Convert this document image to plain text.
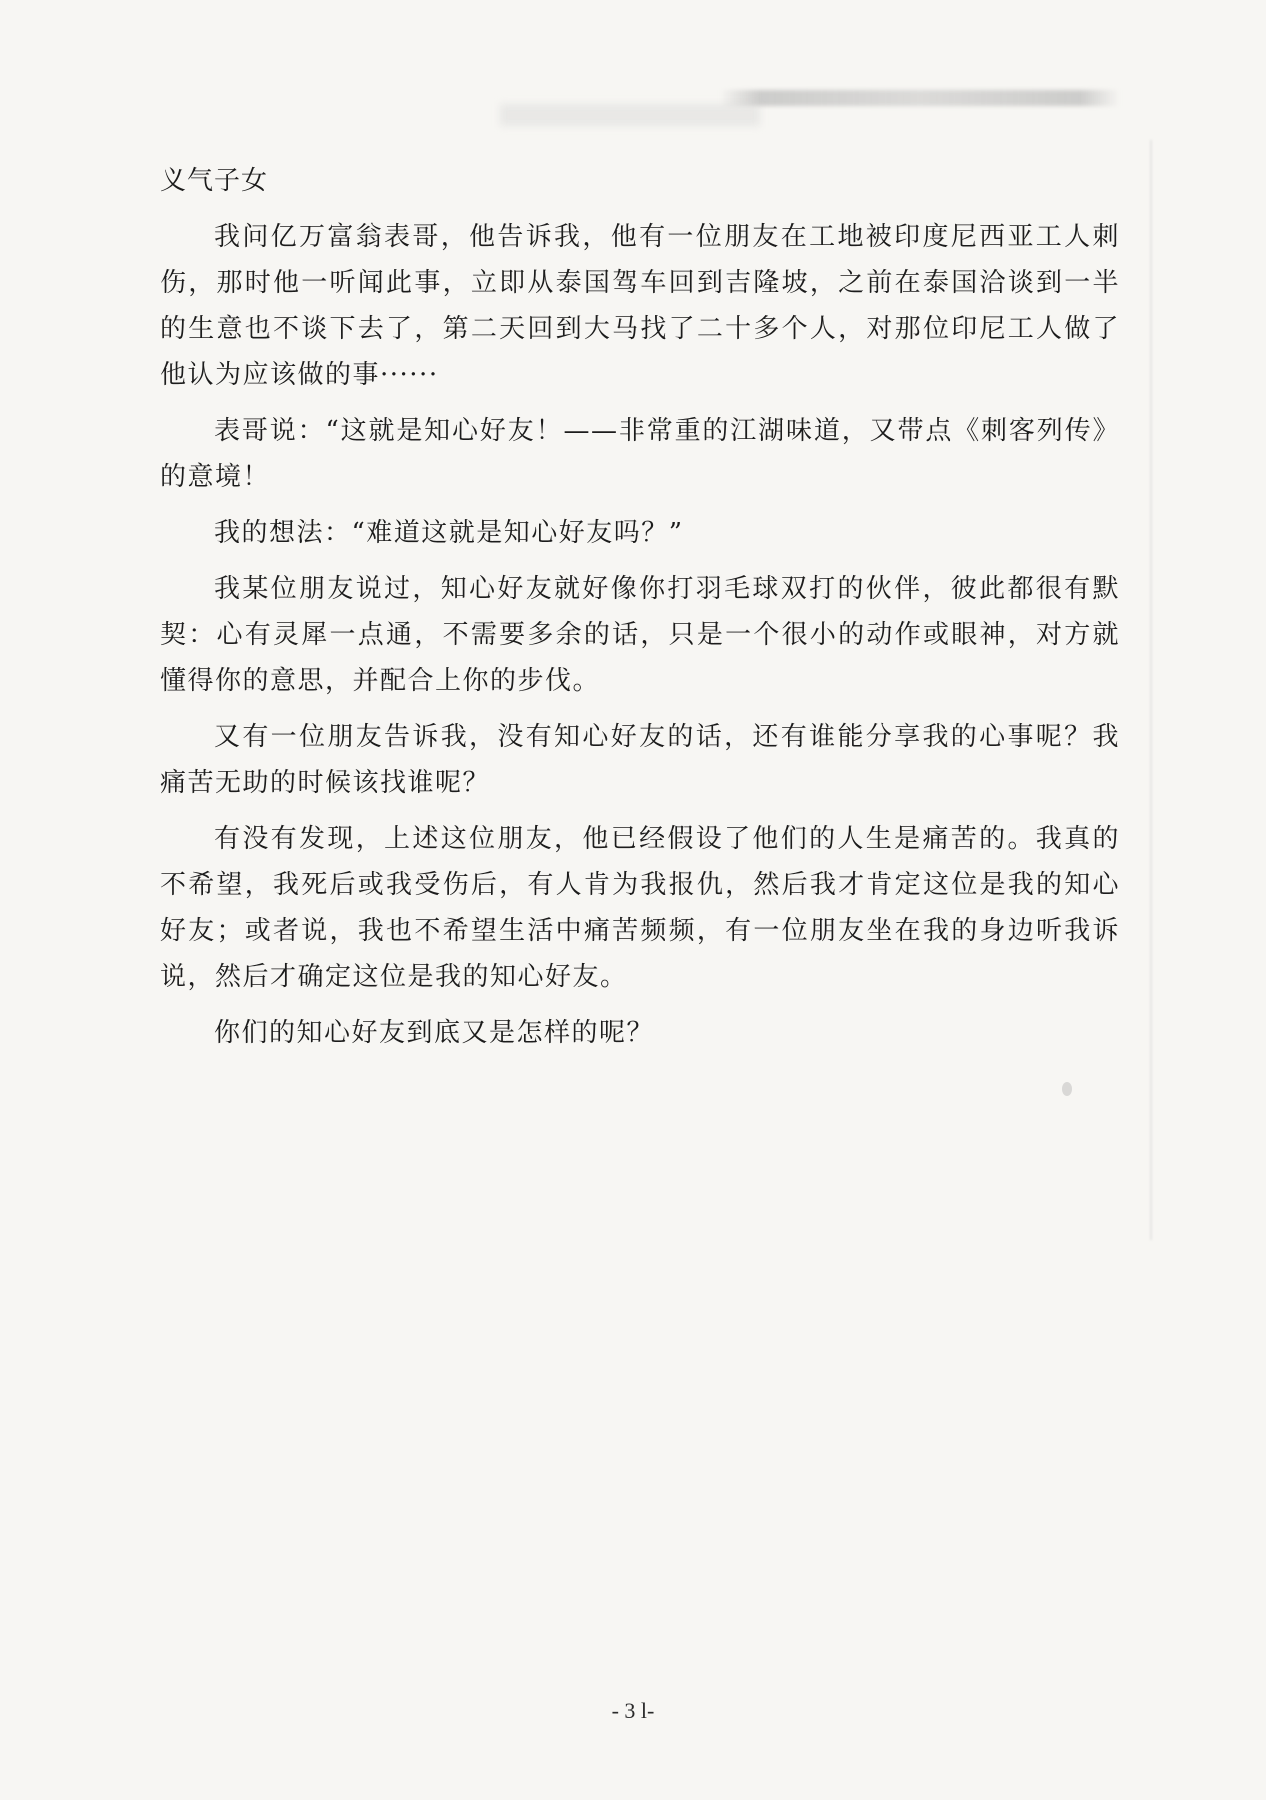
义气子女

我问亿万富翁表哥，他告诉我，他有一位朋友在工地被印度尼西亚工人刺伤，那时他一听闻此事，立即从泰国驾车回到吉隆坡，之前在泰国洽谈到一半的生意也不谈下去了，第二天回到大马找了二十多个人，对那位印尼工人做了他认为应该做的事······

表哥说：“这就是知心好友！——非常重的江湖味道，又带点《刺客列传》的意境！

我的想法：“难道这就是知心好友吗？”

我某位朋友说过，知心好友就好像你打羽毛球双打的伙伴，彼此都很有默契：心有灵犀一点通，不需要多余的话，只是一个很小的动作或眼神，对方就懂得你的意思，并配合上你的步伐。

又有一位朋友告诉我，没有知心好友的话，还有谁能分享我的心事呢？我痛苦无助的时候该找谁呢？

有没有发现，上述这位朋友，他已经假设了他们的人生是痛苦的。我真的不希望，我死后或我受伤后，有人肯为我报仇，然后我才肯定这位是我的知心好友；或者说，我也不希望生活中痛苦频频，有一位朋友坐在我的身边听我诉说，然后才确定这位是我的知心好友。

你们的知心好友到底又是怎样的呢？

- 3 l-
